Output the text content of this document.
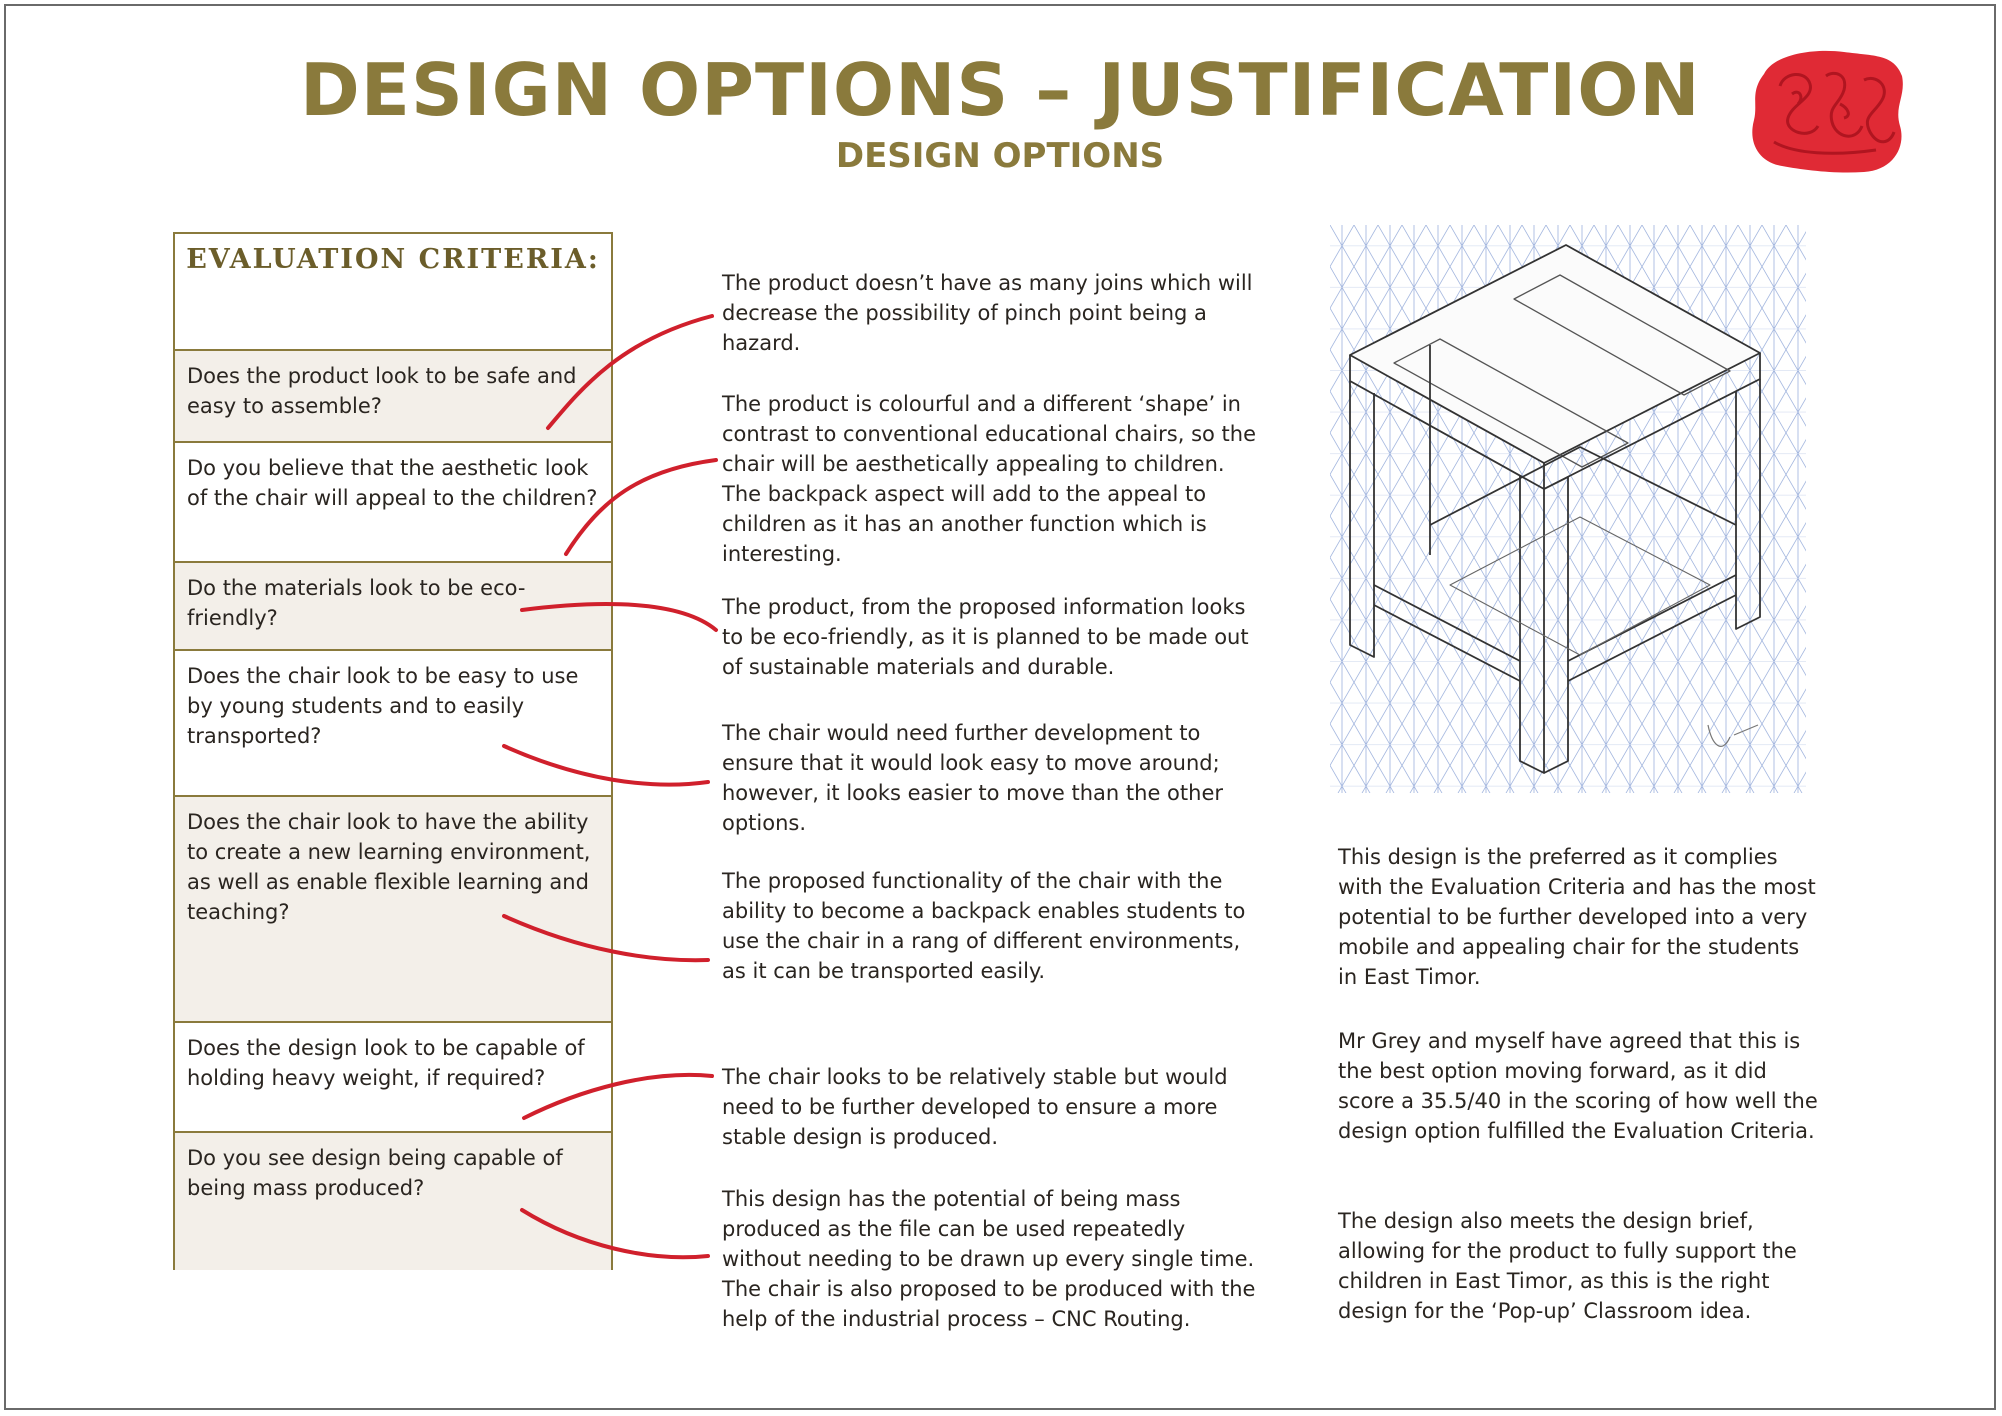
DESIGN OPTIONS – JUSTIFICATION
DESIGN OPTIONS
EVALUATION CRITERIA:
Does the product look to be safe and easy to assemble?
Do you believe that the aesthetic look of the chair will appeal to the children?
Do the materials look to be eco-friendly?
Does the chair look to be easy to use by young students and to easily transported?
Does the chair look to have the ability to create a new learning environment, as well as enable flexible learning and teaching?
Does the design look to be capable of holding heavy weight, if required?
Do you see design being capable of being mass produced?
The product doesn’t have as many joins which will decrease the possibility of pinch point being a hazard.
The product is colourful and a different ‘shape’ in contrast to conventional educational chairs, so the chair will be aesthetically appealing to children. The backpack aspect will add to the appeal to children as it has an another function which is interesting.
The product, from the proposed information looks to be eco-friendly, as it is planned to be made out of sustainable materials and durable.
The chair would need further development to ensure that it would look easy to move around; however, it looks easier to move than the other options.
The proposed functionality of the chair with the ability to become a backpack enables students to use the chair in a rang of different environments, as it can be transported easily.
The chair looks to be relatively stable but would need to be further developed to ensure a more stable design is produced.
This design has the potential of being mass produced as the file can be used repeatedly without needing to be drawn up every single time. The chair is also proposed to be produced with the help of the industrial process – CNC Routing.
This design is the preferred as it complies with the Evaluation Criteria and has the most potential to be further developed into a very mobile and appealing chair for the students in East Timor.
Mr Grey and myself have agreed that this is the best option moving forward, as it did score a 35.5/40 in the scoring of how well the design option fulfilled the Evaluation Criteria.
The design also meets the design brief, allowing for the product to fully support the children in East Timor, as this is the right design for the ‘Pop-up’ Classroom idea.
